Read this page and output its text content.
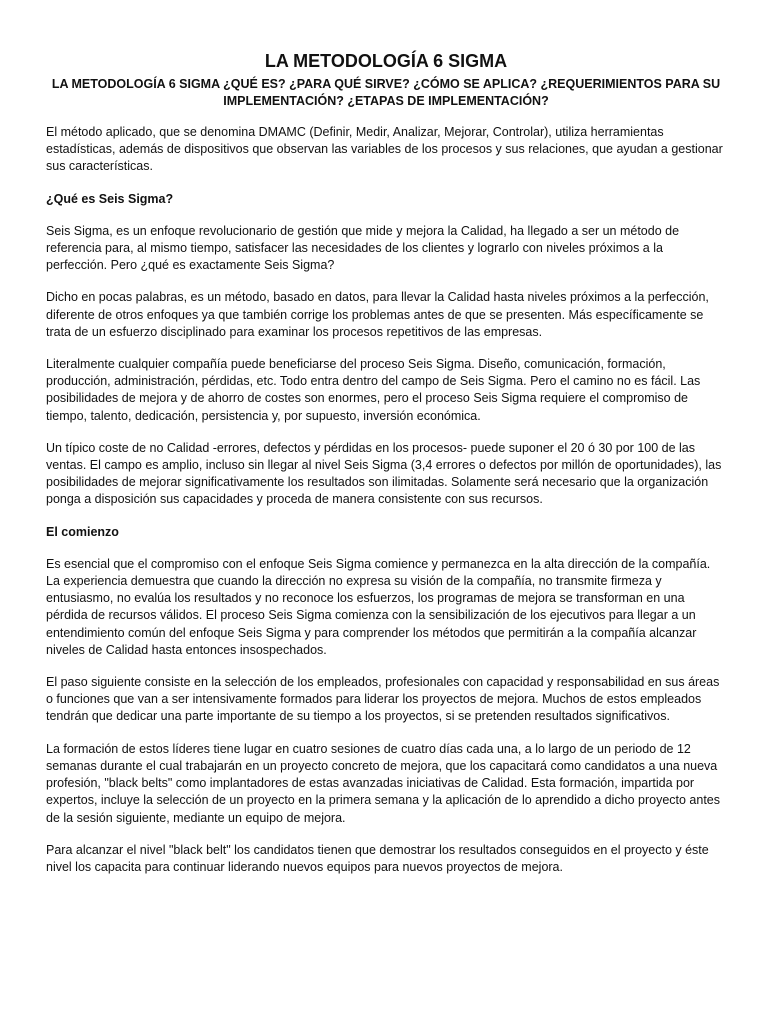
LA METODOLOGÍA 6 SIGMA
LA METODOLOGÍA 6 SIGMA ¿QUÉ ES? ¿PARA QUÉ SIRVE? ¿CÓMO SE APLICA? ¿REQUERIMIENTOS PARA SU IMPLEMENTACIÓN? ¿ETAPAS DE IMPLEMENTACIÓN?

El método aplicado, que se denomina DMAMC (Definir, Medir, Analizar, Mejorar, Controlar), utiliza herramientas estadísticas, además de dispositivos que observan las variables de los procesos y sus relaciones, que ayudan a gestionar sus características.

¿Qué es Seis Sigma?

Seis Sigma, es un enfoque revolucionario de gestión que mide y mejora la Calidad, ha llegado a ser un método de referencia para, al mismo tiempo, satisfacer las necesidades de los clientes y lograrlo con niveles próximos a la perfección. Pero ¿qué es exactamente Seis Sigma?

Dicho en pocas palabras, es un método, basado en datos, para llevar la Calidad hasta niveles próximos a la perfección, diferente de otros enfoques ya que también corrige los problemas antes de que se presenten. Más específicamente se trata de un esfuerzo disciplinado para examinar los procesos repetitivos de las empresas.

Literalmente cualquier compañía puede beneficiarse del proceso Seis Sigma. Diseño, comunicación, formación, producción, administración, pérdidas, etc. Todo entra dentro del campo de Seis Sigma. Pero el camino no es fácil. Las posibilidades de mejora y de ahorro de costes son enormes, pero el proceso Seis Sigma requiere el compromiso de tiempo, talento, dedicación, persistencia y, por supuesto, inversión económica.

Un típico coste de no Calidad -errores, defectos y pérdidas en los procesos- puede suponer el 20 ó 30 por 100 de las ventas. El campo es amplio, incluso sin llegar al nivel Seis Sigma (3,4 errores o defectos por millón de oportunidades), las posibilidades de mejorar significativamente los resultados son ilimitadas. Solamente será necesario que la organización ponga a disposición sus capacidades y proceda de manera consistente con sus recursos.

El comienzo

Es esencial que el compromiso con el enfoque Seis Sigma comience y permanezca en la alta dirección de la compañía. La experiencia demuestra que cuando la dirección no expresa su visión de la compañía, no transmite firmeza y entusiasmo, no evalúa los resultados y no reconoce los esfuerzos, los programas de mejora se transforman en una pérdida de recursos válidos. El proceso Seis Sigma comienza con la sensibilización de los ejecutivos para llegar a un entendimiento común del enfoque Seis Sigma y para comprender los métodos que permitirán a la compañía alcanzar niveles de Calidad hasta entonces insospechados.

El paso siguiente consiste en la selección de los empleados, profesionales con capacidad y responsabilidad en sus áreas o funciones que van a ser intensivamente formados para liderar los proyectos de mejora. Muchos de estos empleados tendrán que dedicar una parte importante de su tiempo a los proyectos, si se pretenden resultados significativos.

La formación de estos líderes tiene lugar en cuatro sesiones de cuatro días cada una, a lo largo de un periodo de 12 semanas durante el cual trabajarán en un proyecto concreto de mejora, que los capacitará como candidatos a una nueva profesión, "black belts" como implantadores de estas avanzadas iniciativas de Calidad. Esta formación, impartida por expertos, incluye la selección de un proyecto en la primera semana y la aplicación de lo aprendido a dicho proyecto antes de la sesión siguiente, mediante un equipo de mejora.

Para alcanzar el nivel "black belt" los candidatos tienen que demostrar los resultados conseguidos en el proyecto y éste nivel los capacita para continuar liderando nuevos equipos para nuevos proyectos de mejora.
